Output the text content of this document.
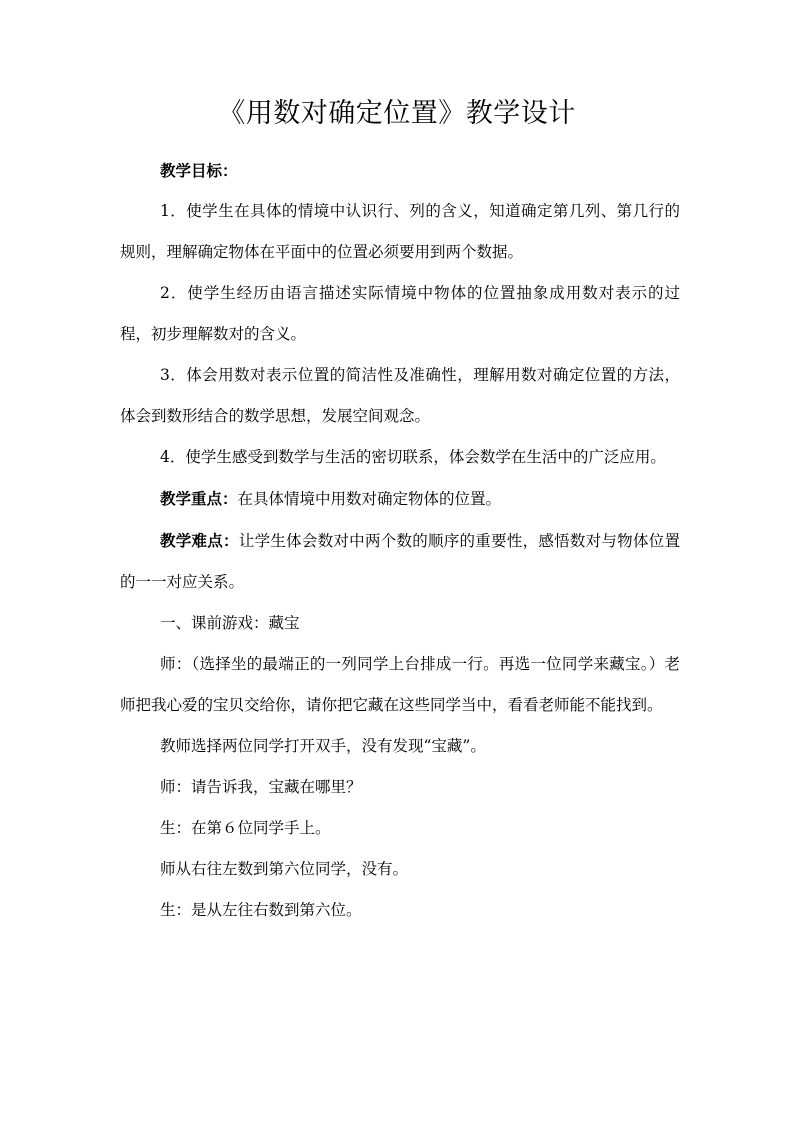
《用数对确定位置》教学设计

教学目标：

1．使学生在具体的情境中认识行、列的含义，知道确定第几列、第几行的规则，理解确定物体在平面中的位置必须要用到两个数据。

2．使学生经历由语言描述实际情境中物体的位置抽象成用数对表示的过程，初步理解数对的含义。

3．体会用数对表示位置的简洁性及准确性，理解用数对确定位置的方法，体会到数形结合的数学思想，发展空间观念。

4．使学生感受到数学与生活的密切联系，体会数学在生活中的广泛应用。

教学重点：在具体情境中用数对确定物体的位置。

教学难点：让学生体会数对中两个数的顺序的重要性，感悟数对与物体位置的一一对应关系。

一、课前游戏：藏宝

师：（选择坐的最端正的一列同学上台排成一行。再选一位同学来藏宝。）老师把我心爱的宝贝交给你，请你把它藏在这些同学当中，看看老师能不能找到。

教师选择两位同学打开双手，没有发现“宝藏”。

师：请告诉我，宝藏在哪里？

生：在第６位同学手上。

师从右往左数到第六位同学，没有。

生：是从左往右数到第六位。
